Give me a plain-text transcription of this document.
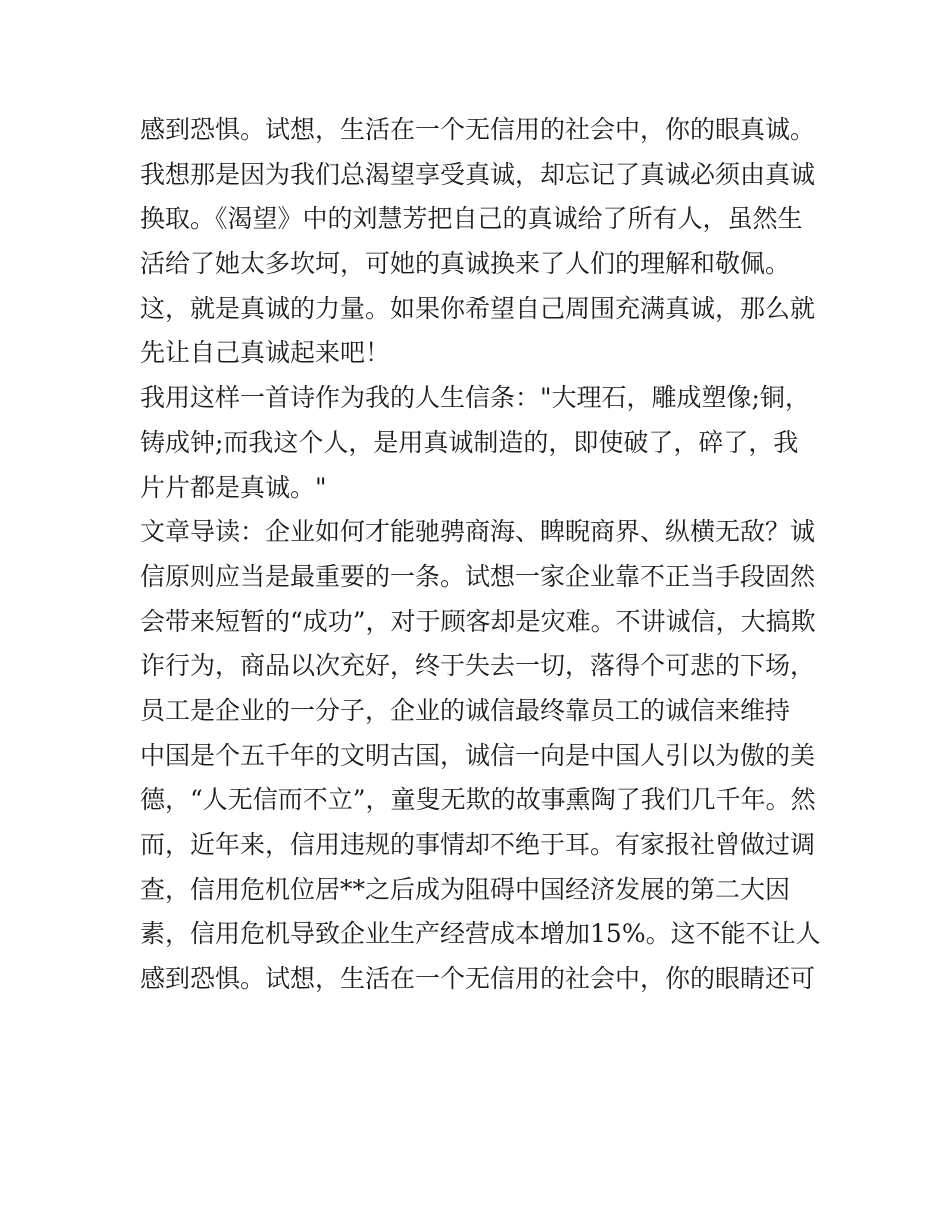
感到恐惧。试想，生活在一个无信用的社会中，你的眼真诚。
我想那是因为我们总渴望享受真诚，却忘记了真诚必须由真诚
换取。《渴望》中的刘慧芳把自己的真诚给了所有人，虽然生
活给了她太多坎坷，可她的真诚换来了人们的理解和敬佩。
这，就是真诚的力量。如果你希望自己周围充满真诚，那么就
先让自己真诚起来吧！
我用这样一首诗作为我的人生信条："大理石，雕成塑像;铜，
铸成钟;而我这个人，是用真诚制造的，即使破了，碎了，我
片片都是真诚。"
文章导读：企业如何才能驰骋商海、睥睨商界、纵横无敌？诚
信原则应当是最重要的一条。试想一家企业靠不正当手段固然
会带来短暂的“成功”，对于顾客却是灾难。不讲诚信，大搞欺
诈行为，商品以次充好，终于失去一切，落得个可悲的下场，
员工是企业的一分子，企业的诚信最终靠员工的诚信来维持
中国是个五千年的文明古国，诚信一向是中国人引以为傲的美
德，“人无信而不立”，童叟无欺的故事熏陶了我们几千年。然
而，近年来，信用违规的事情却不绝于耳。有家报社曾做过调
查，信用危机位居**之后成为阻碍中国经济发展的第二大因
素，信用危机导致企业生产经营成本增加15%。这不能不让人
感到恐惧。试想，生活在一个无信用的社会中，你的眼睛还可
